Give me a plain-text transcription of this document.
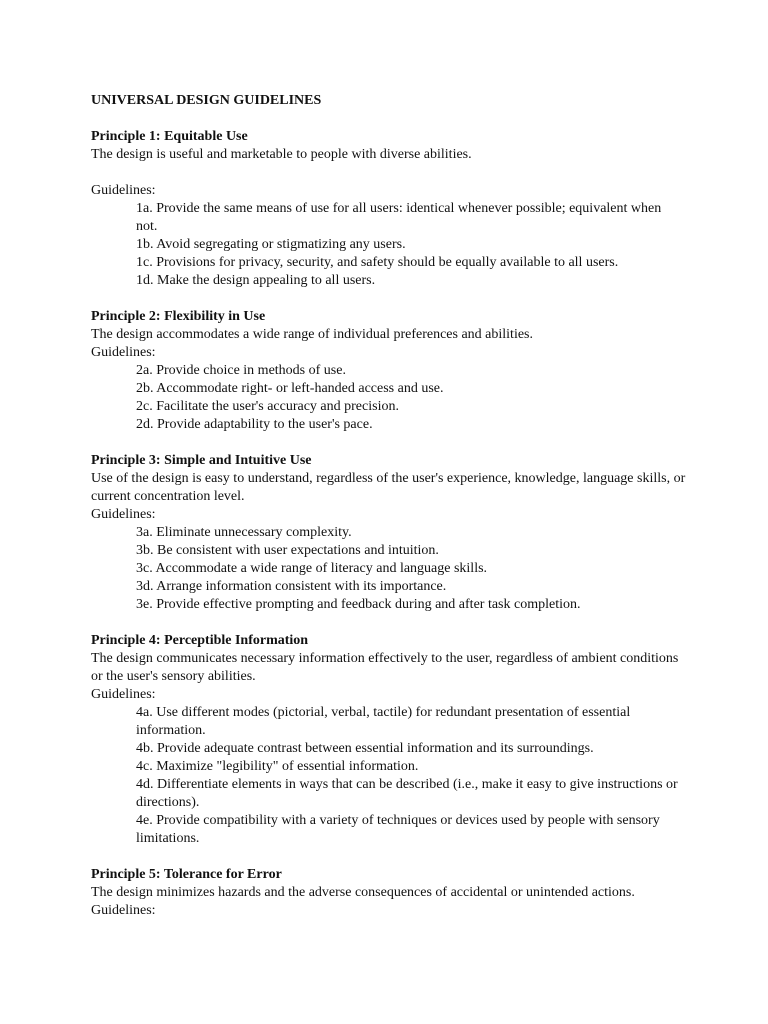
UNIVERSAL DESIGN GUIDELINES
Principle 1: Equitable Use
The design is useful and marketable to people with diverse abilities.
Guidelines:
1a. Provide the same means of use for all users: identical whenever possible; equivalent when not.
1b. Avoid segregating or stigmatizing any users.
1c. Provisions for privacy, security, and safety should be equally available to all users.
1d. Make the design appealing to all users.
Principle 2: Flexibility in Use
The design accommodates a wide range of individual preferences and abilities.
Guidelines:
2a. Provide choice in methods of use.
2b. Accommodate right- or left-handed access and use.
2c. Facilitate the user's accuracy and precision.
2d. Provide adaptability to the user's pace.
Principle 3: Simple and Intuitive Use
Use of the design is easy to understand, regardless of the user's experience, knowledge, language skills, or current concentration level.
Guidelines:
3a. Eliminate unnecessary complexity.
3b. Be consistent with user expectations and intuition.
3c. Accommodate a wide range of literacy and language skills.
3d. Arrange information consistent with its importance.
3e. Provide effective prompting and feedback during and after task completion.
Principle 4: Perceptible Information
The design communicates necessary information effectively to the user, regardless of ambient conditions or the user's sensory abilities.
Guidelines:
4a. Use different modes (pictorial, verbal, tactile) for redundant presentation of essential information.
4b. Provide adequate contrast between essential information and its surroundings.
4c. Maximize "legibility" of essential information.
4d. Differentiate elements in ways that can be described (i.e., make it easy to give instructions or directions).
4e. Provide compatibility with a variety of techniques or devices used by people with sensory limitations.
Principle 5: Tolerance for Error
The design minimizes hazards and the adverse consequences of accidental or unintended actions.
Guidelines:
